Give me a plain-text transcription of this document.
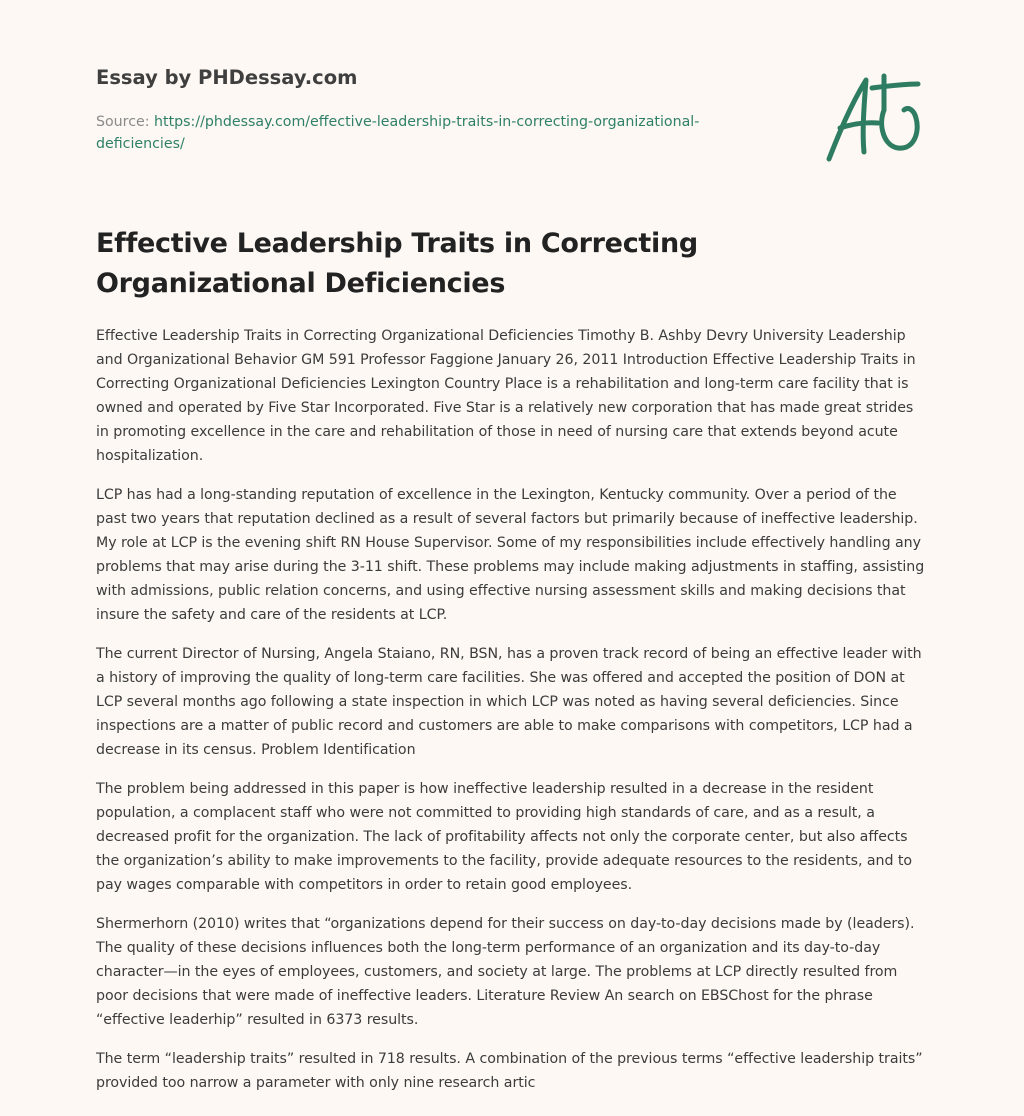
Essay by PHDessay.com
Source: https://phdessay.com/effective-leadership-traits-in-correcting-organizational-
deficiencies/
Effective Leadership Traits in Correcting Organizational Deficiencies

Effective Leadership Traits in Correcting Organizational Deficiencies Timothy B. Ashby Devry University Leadership and Organizational Behavior GM 591 Professor Faggione January 26, 2011 Introduction Effective Leadership Traits in Correcting Organizational Deficiencies Lexington Country Place is a rehabilitation and long-term care facility that is owned and operated by Five Star Incorporated. Five Star is a relatively new corporation that has made great strides in promoting excellence in the care and rehabilitation of those in need of nursing care that extends beyond acute hospitalization.

LCP has had a long-standing reputation of excellence in the Lexington, Kentucky community. Over a period of the past two years that reputation declined as a result of several factors but primarily because of ineffective leadership. My role at LCP is the evening shift RN House Supervisor. Some of my responsibilities include effectively handling any problems that may arise during the 3-11 shift. These problems may include making adjustments in staffing, assisting with admissions, public relation concerns, and using effective nursing assessment skills and making decisions that insure the safety and care of the residents at LCP.

The current Director of Nursing, Angela Staiano, RN, BSN, has a proven track record of being an effective leader with a history of improving the quality of long-term care facilities. She was offered and accepted the position of DON at LCP several months ago following a state inspection in which LCP was noted as having several deficiencies. Since inspections are a matter of public record and customers are able to make comparisons with competitors, LCP had a decrease in its census. Problem Identification

The problem being addressed in this paper is how ineffective leadership resulted in a decrease in the resident population, a complacent staff who were not committed to providing high standards of care, and as a result, a decreased profit for the organization. The lack of profitability affects not only the corporate center, but also affects the organization’s ability to make improvements to the facility, provide adequate resources to the residents, and to pay wages comparable with competitors in order to retain good employees.

Shermerhorn (2010) writes that “organizations depend for their success on day-to-day decisions made by (leaders). The quality of these decisions influences both the long-term performance of an organization and its day-to-day character—in the eyes of employees, customers, and society at large. The problems at LCP directly resulted from poor decisions that were made of ineffective leaders. Literature Review An search on EBSChost for the phrase “effective leaderhip” resulted in 6373 results.

The term “leadership traits” resulted in 718 results. A combination of the previous terms “effective leadership traits” provided too narrow a parameter with only nine research artic
